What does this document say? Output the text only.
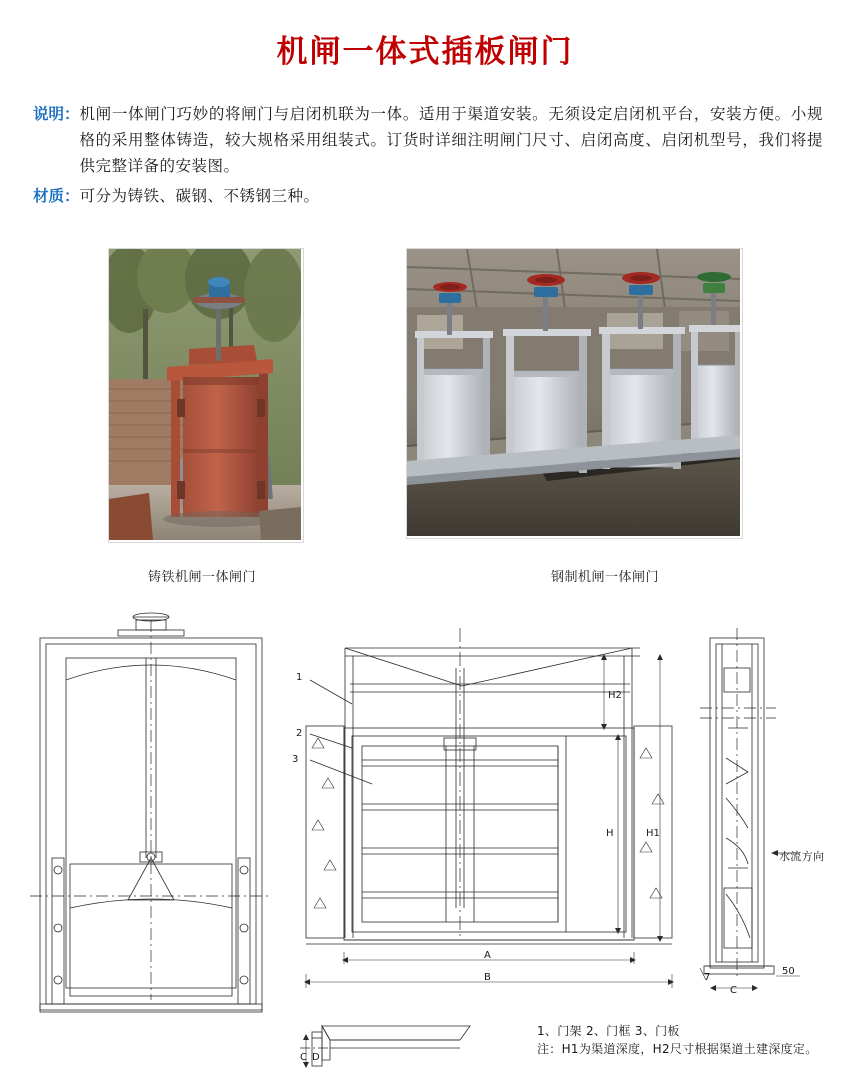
机闸一体式插板闸门
说明： 机闸一体闸门巧妙的将闸门与启闭机联为一体。适用于渠道安装。无须设定启闭机平台，安装方便。小规格的采用整体铸造，较大规格采用组装式。订货时详细注明闸门尺寸、启闭高度、启闭机型号，我们将提供完整详备的安装图。
材质： 可分为铸铁、碳钢、不锈钢三种。
铸铁机闸一体闸门	钢制机闸一体闸门
1
2
3
H2
H	H1
A
B
C
7
50
C D
水流方向
1、门架 2、门框 3、门板
注：H1为渠道深度，H2尺寸根据渠道土建深度定。
